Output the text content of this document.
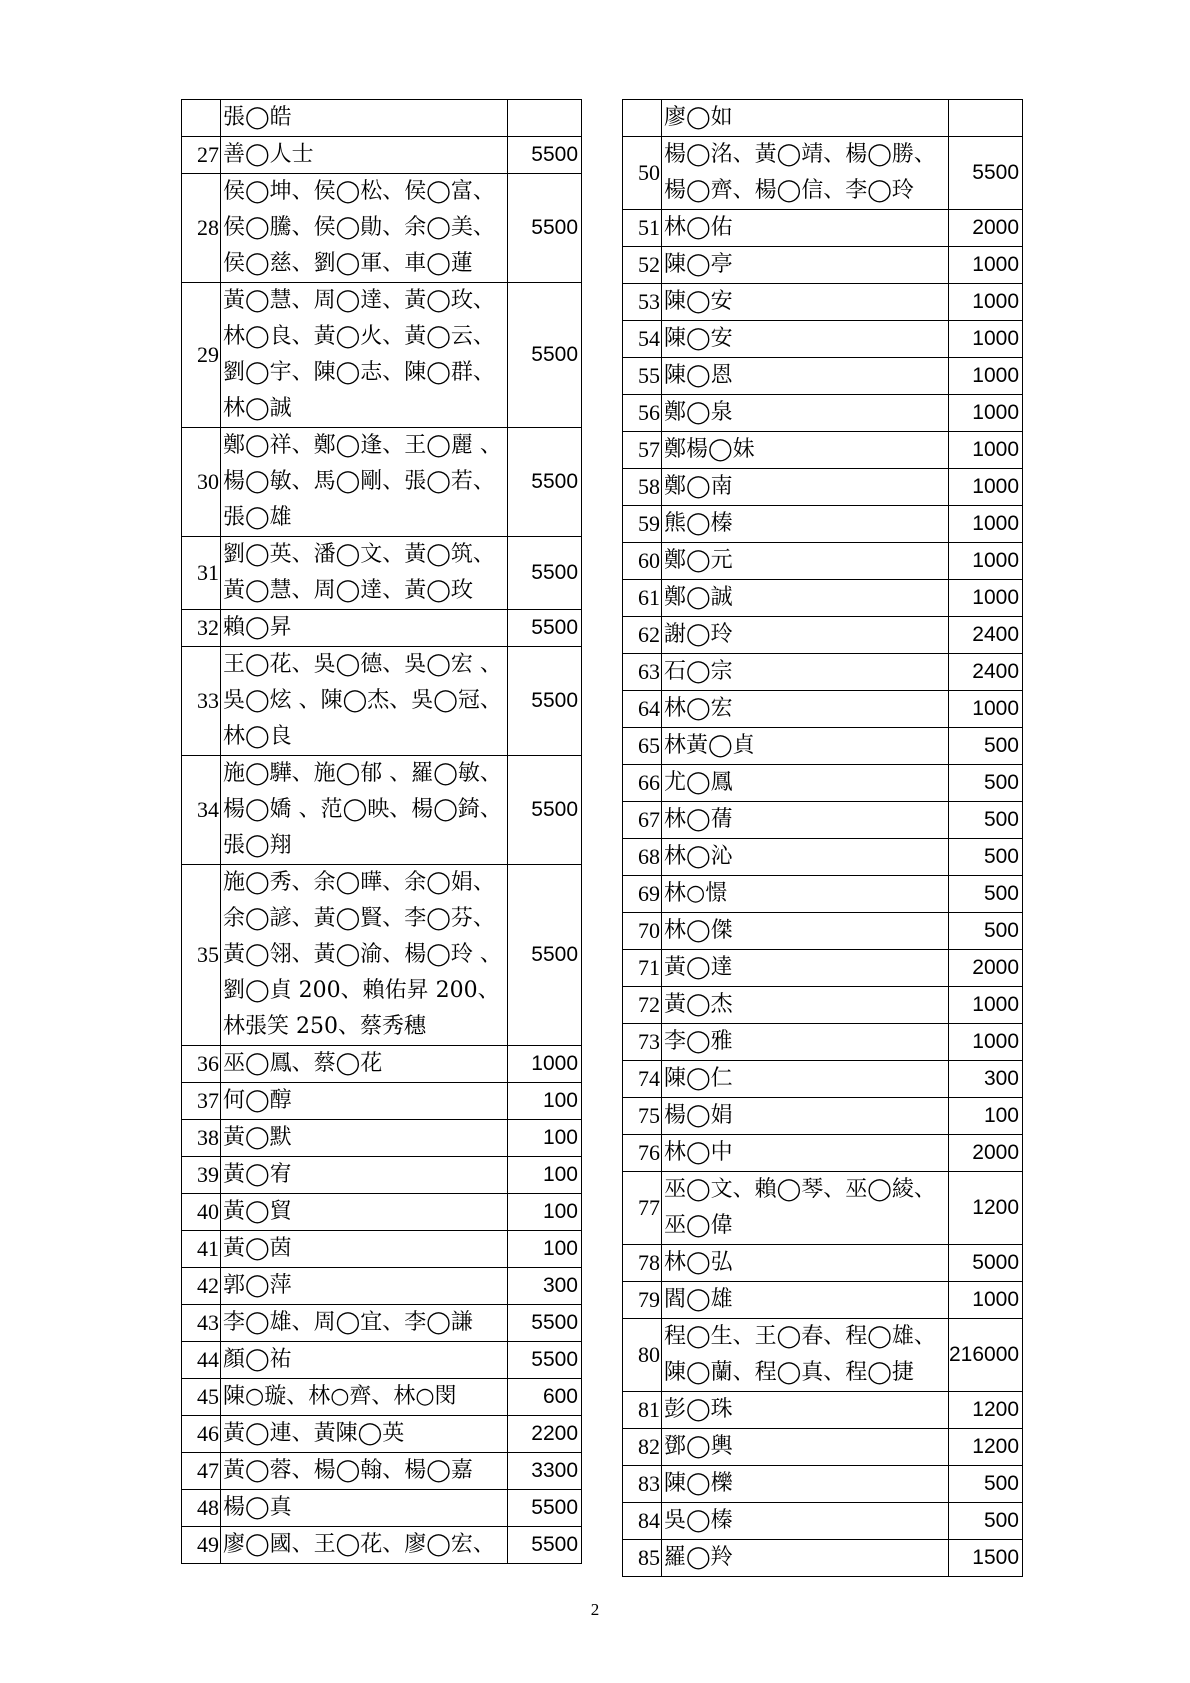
	張◯皓	

27	善◯人士	5500
28	侯◯坤、侯◯松、侯◯富、
侯◯騰、侯◯勛、余◯美、
侯◯慈、劉◯軍、車◯蓮	5500
29	黃◯慧、周◯達、黃◯玫、
林◯良、黃◯火、黃◯云、
劉◯宇、陳◯志、陳◯群、
林◯誠	5500
30	鄭◯祥、鄭◯逢、王◯麗 、
楊◯敏、馬◯剛、張◯若、
張◯雄	5500
31	劉◯英、潘◯文、黃◯筑、
黃◯慧、周◯達、黃◯玫	5500
32	賴◯昇	5500
33	王◯花、吳◯德、吳◯宏 、
吳◯炫 、陳◯杰、吳◯冠、
林◯良	5500
34	施◯驊、施◯郁 、羅◯敏、
楊◯嬌 、范◯映、楊◯錡、
張◯翔	5500
35	施◯秀、余◯曄、余◯娟、
余◯諺、黃◯賢、李◯芬、
黃◯翎、黃◯渝、楊◯玲 、
劉◯貞 200、賴佑昇 200、
林張笑 250、蔡秀穗	5500
36	巫◯鳳、蔡◯花	1000
37	何◯醇	100
38	黃◯默	100
39	黃◯宥	100
40	黃◯貿	100
41	黃◯茵	100
42	郭◯萍	300
43	李◯雄、周◯宜、李◯謙	5500
44	顏◯祐	5500
45	陳○璇、林○齊、林○閔	600
46	黃◯連、黃陳◯英	2200
47	黃◯蓉、楊◯翰、楊◯嘉	3300
48	楊◯真	5500
49	廖◯國、王◯花、廖◯宏、	5500

	廖◯如	

50	楊◯洺、黃◯靖、楊◯勝、
楊◯齊、楊◯信、李◯玲	5500
51	林◯佑	2000
52	陳◯亭	1000
53	陳◯安	1000
54	陳◯安	1000
55	陳◯恩	1000
56	鄭◯泉	1000
57	鄭楊◯妹	1000
58	鄭◯南	1000
59	熊◯榛	1000
60	鄭◯元	1000
61	鄭◯誠	1000
62	謝◯玲	2400
63	石◯宗	2400
64	林◯宏	1000
65	林黃◯貞	500
66	尤◯鳳	500
67	林◯蒨	500
68	林◯沁	500
69	林○憬	500
70	林◯傑	500
71	黃◯達	2000
72	黃◯杰	1000
73	李◯雅	1000
74	陳◯仁	300
75	楊◯娟	100
76	林◯中	2000
77	巫◯文、賴◯琴、巫◯綾、
巫◯偉	1200
78	林◯弘	5000
79	閻◯雄	1000
80	程◯生、王◯春、程◯雄、
陳◯蘭、程◯真、程◯捷	216000
81	彭◯珠	1200
82	鄧◯輿	1200
83	陳◯櫟	500
84	吳◯榛	500
85	羅◯羚	1500
2
